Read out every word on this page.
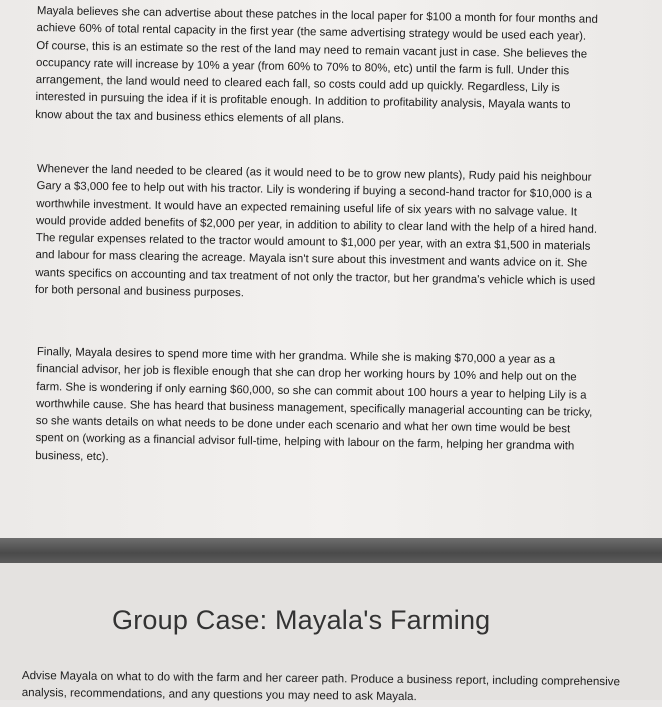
Mayala believes she can advertise about these patches in the local paper for $100 a month for four months and achieve 60% of total rental capacity in the first year (the same advertising strategy would be used each year). Of course, this is an estimate so the rest of the land may need to remain vacant just in case. She believes the occupancy rate will increase by 10% a year (from 60% to 70% to 80%, etc) until the farm is full. Under this arrangement, the land would need to cleared each fall, so costs could add up quickly. Regardless, Lily is interested in pursuing the idea if it is profitable enough. In addition to profitability analysis, Mayala wants to know about the tax and business ethics elements of all plans.

Whenever the land needed to be cleared (as it would need to be to grow new plants), Rudy paid his neighbour Gary a $3,000 fee to help out with his tractor. Lily is wondering if buying a second-hand tractor for $10,000 is a worthwhile investment. It would have an expected remaining useful life of six years with no salvage value. It would provide added benefits of $2,000 per year, in addition to ability to clear land with the help of a hired hand. The regular expenses related to the tractor would amount to $1,000 per year, with an extra $1,500 in materials and labour for mass clearing the acreage. Mayala isn't sure about this investment and wants advice on it. She wants specifics on accounting and tax treatment of not only the tractor, but her grandma's vehicle which is used for both personal and business purposes.

Finally, Mayala desires to spend more time with her grandma. While she is making $70,000 a year as a financial advisor, her job is flexible enough that she can drop her working hours by 10% and help out on the farm. She is wondering if only earning $60,000, so she can commit about 100 hours a year to helping Lily is a worthwhile cause. She has heard that business management, specifically managerial accounting can be tricky, so she wants details on what needs to be done under each scenario and what her own time would be best spent on (working as a financial advisor full-time, helping with labour on the farm, helping her grandma with business, etc).

Group Case: Mayala's Farming

Advise Mayala on what to do with the farm and her career path. Produce a business report, including comprehensive analysis, recommendations, and any questions you may need to ask Mayala.
